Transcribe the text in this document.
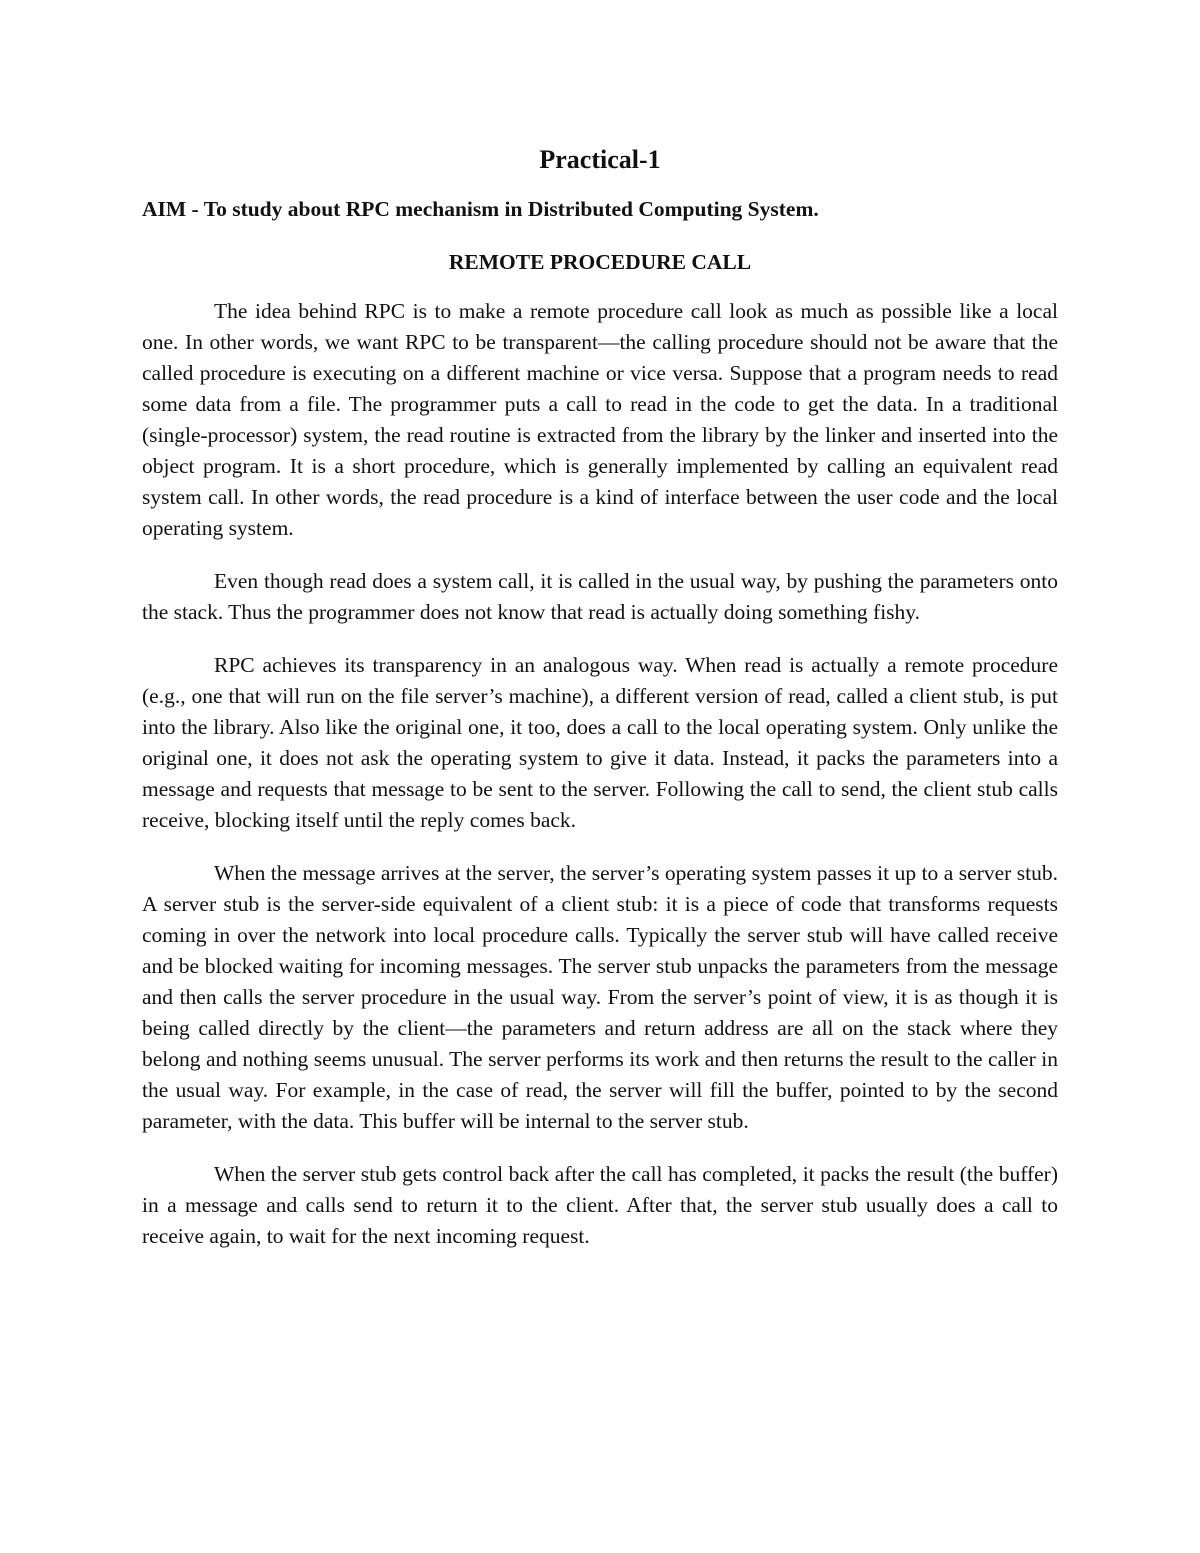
Practical-1
AIM - To study about RPC mechanism in Distributed Computing System.
REMOTE PROCEDURE CALL

The idea behind RPC is to make a remote procedure call look as much as possible like a local one. In other words, we want RPC to be transparent—the calling procedure should not be aware that the called procedure is executing on a different machine or vice versa. Suppose that a program needs to read some data from a file. The programmer puts a call to read in the code to get the data. In a traditional (single-processor) system, the read routine is extracted from the library by the linker and inserted into the object program. It is a short procedure, which is generally implemented by calling an equivalent read system call. In other words, the read procedure is a kind of interface between the user code and the local operating system.

Even though read does a system call, it is called in the usual way, by pushing the parameters onto the stack. Thus the programmer does not know that read is actually doing something fishy.

RPC achieves its transparency in an analogous way. When read is actually a remote procedure (e.g., one that will run on the file server’s machine), a different version of read, called a client stub, is put into the library. Also like the original one, it too, does a call to the local operating system. Only unlike the original one, it does not ask the operating system to give it data. Instead, it packs the parameters into a message and requests that message to be sent to the server. Following the call to send, the client stub calls receive, blocking itself until the reply comes back.

When the message arrives at the server, the server’s operating system passes it up to a server stub. A server stub is the server-side equivalent of a client stub: it is a piece of code that transforms requests coming in over the network into local procedure calls. Typically the server stub will have called receive and be blocked waiting for incoming messages. The server stub unpacks the parameters from the message and then calls the server procedure in the usual way. From the server’s point of view, it is as though it is being called directly by the client—the parameters and return address are all on the stack where they belong and nothing seems unusual. The server performs its work and then returns the result to the caller in the usual way. For example, in the case of read, the server will fill the buffer, pointed to by the second parameter, with the data. This buffer will be internal to the server stub.

When the server stub gets control back after the call has completed, it packs the result (the buffer) in a message and calls send to return it to the client. After that, the server stub usually does a call to receive again, to wait for the next incoming request.
